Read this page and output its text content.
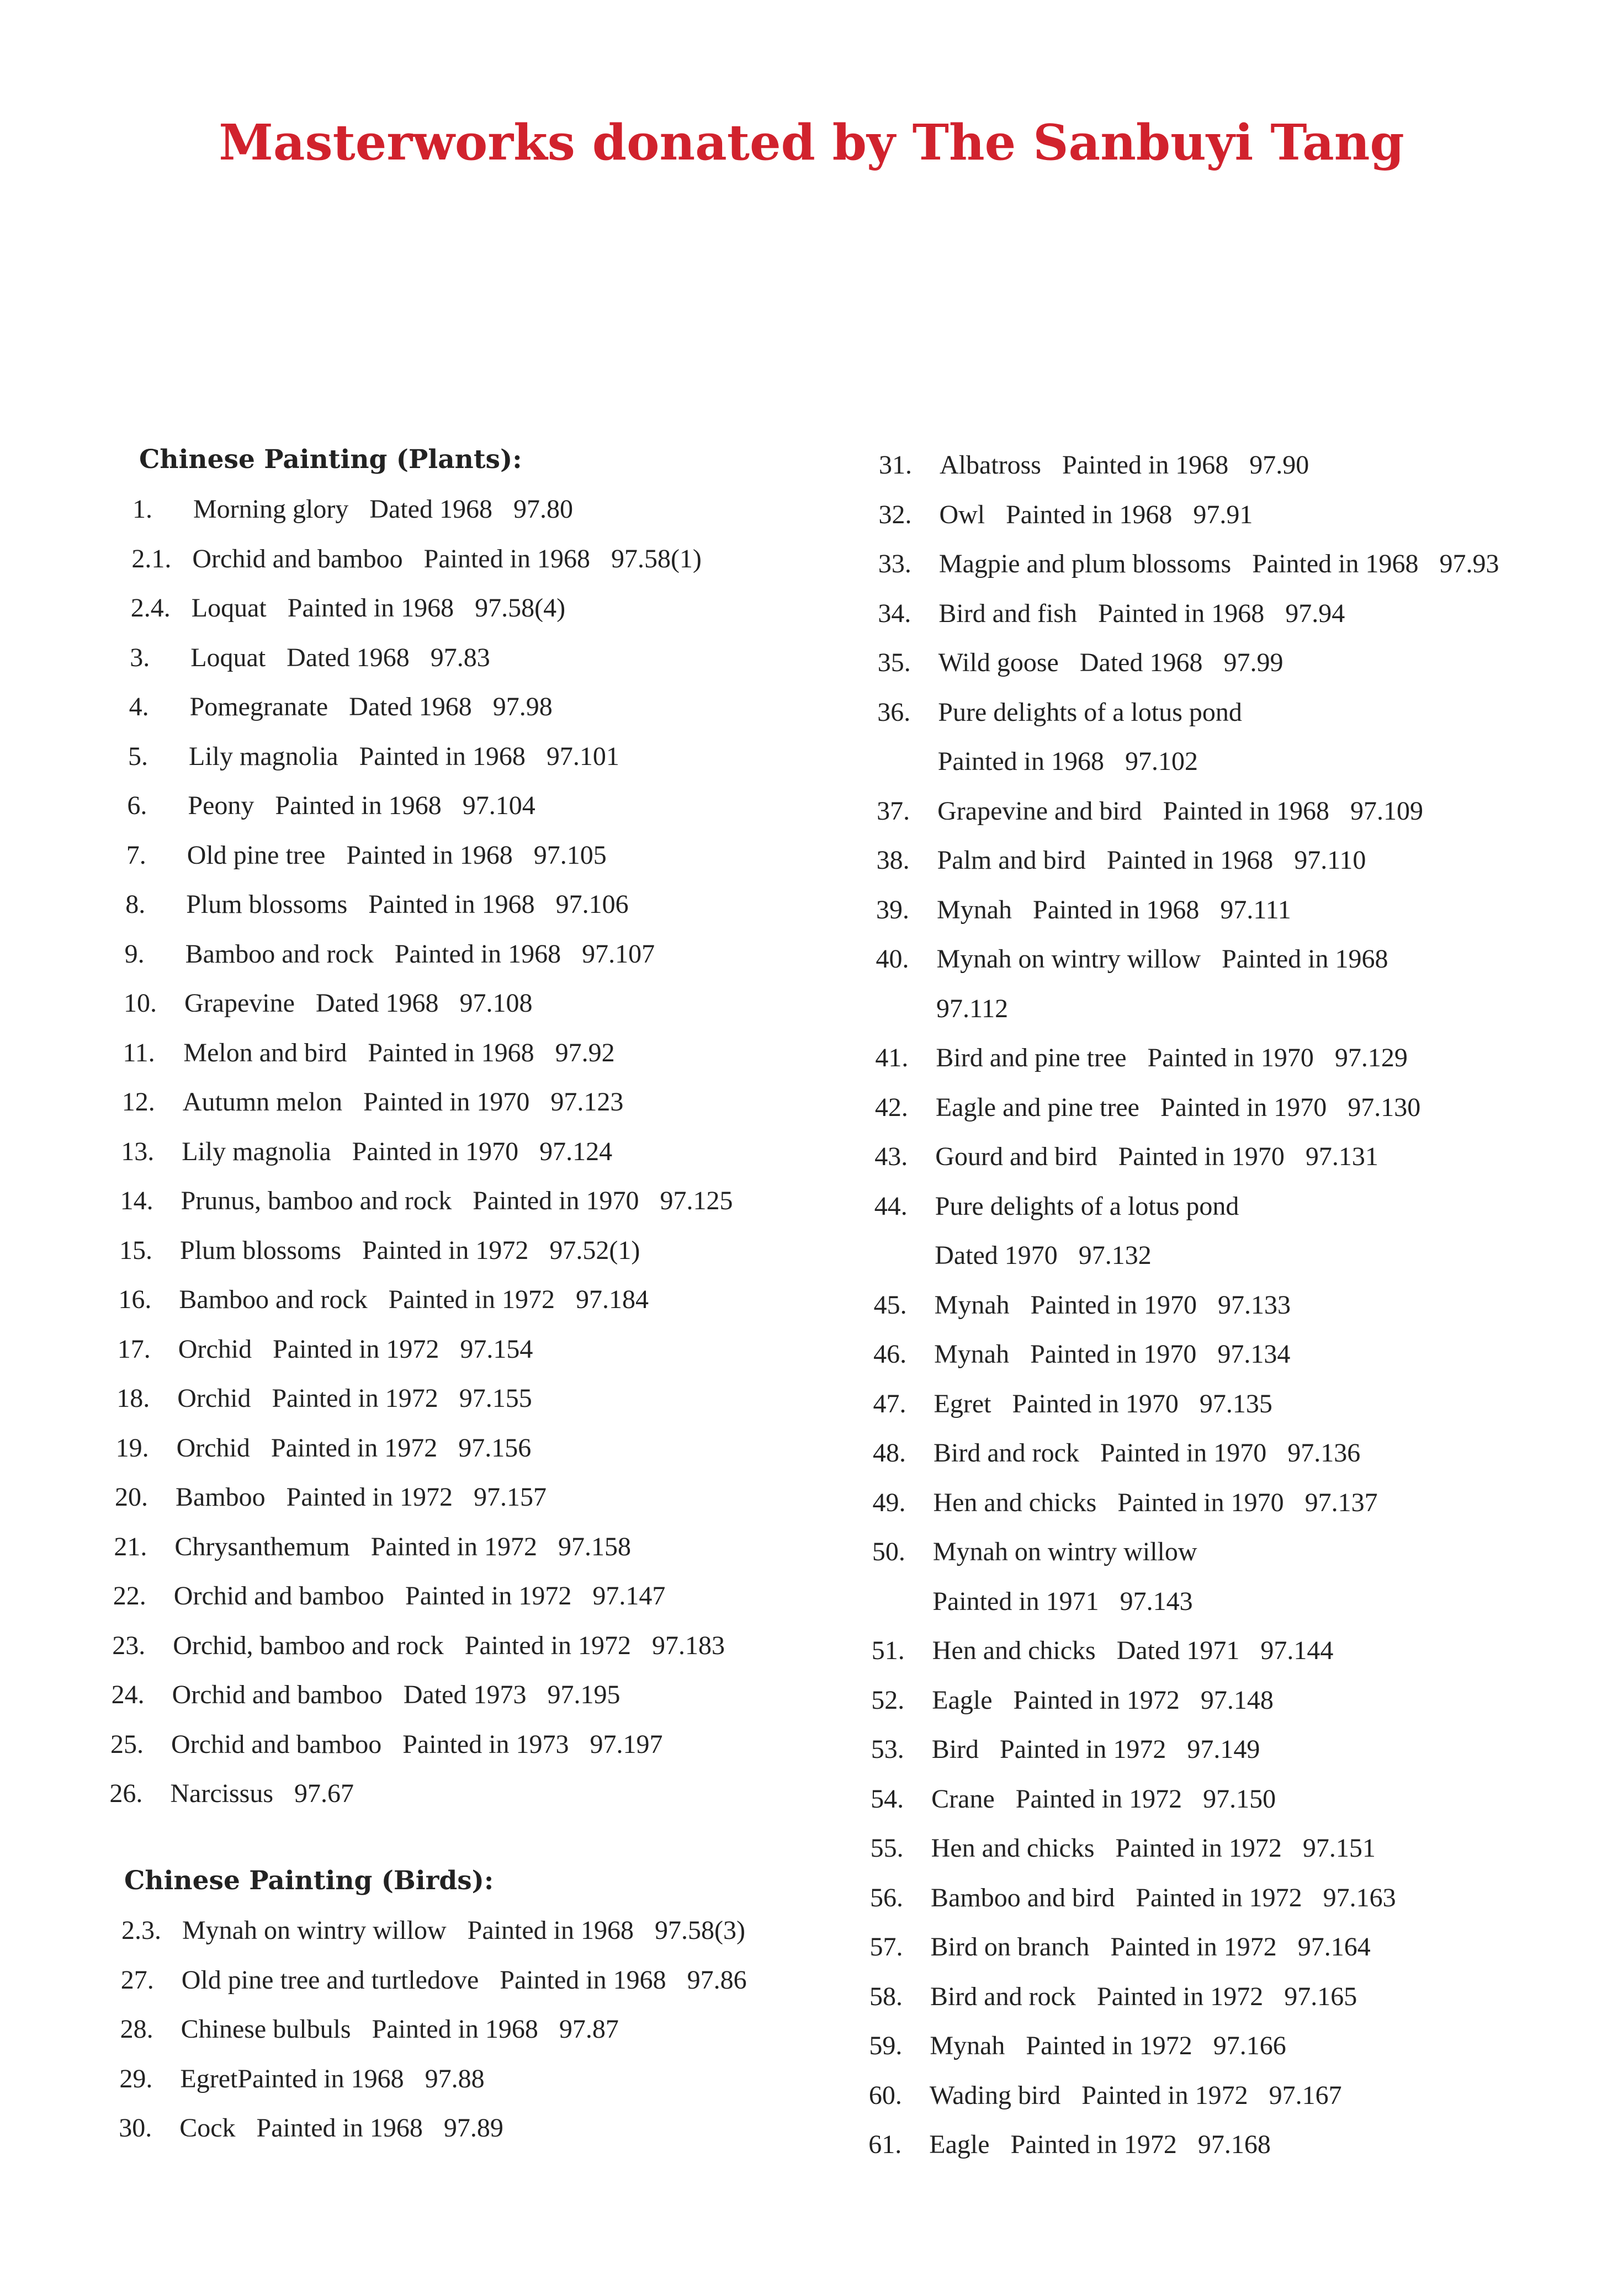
Masterworks donated by The Sanbuyi Tang
Chinese Painting (Plants):
1. Morning glory Dated 1968 97.80
2.1. Orchid and bamboo Painted in 1968 97.58(1)
2.4. Loquat Painted in 1968 97.58(4)
3. Loquat Dated 1968 97.83
4. Pomegranate Dated 1968 97.98
5. Lily magnolia Painted in 1968 97.101
6. Peony Painted in 1968 97.104
7. Old pine tree Painted in 1968 97.105
8. Plum blossoms Painted in 1968 97.106
9. Bamboo and rock Painted in 1968 97.107
10. Grapevine Dated 1968 97.108
11. Melon and bird Painted in 1968 97.92
12. Autumn melon Painted in 1970 97.123
13. Lily magnolia Painted in 1970 97.124
14. Prunus, bamboo and rock Painted in 1970 97.125
15. Plum blossoms Painted in 1972 97.52(1)
16. Bamboo and rock Painted in 1972 97.184
17. Orchid Painted in 1972 97.154
18. Orchid Painted in 1972 97.155
19. Orchid Painted in 1972 97.156
20. Bamboo Painted in 1972 97.157
21. Chrysanthemum Painted in 1972 97.158
22. Orchid and bamboo Painted in 1972 97.147
23. Orchid, bamboo and rock Painted in 1972 97.183
24. Orchid and bamboo Dated 1973 97.195
25. Orchid and bamboo Painted in 1973 97.197
26. Narcissus 97.67
Chinese Painting (Birds):
2.3. Mynah on wintry willow Painted in 1968 97.58(3)
27. Old pine tree and turtledove Painted in 1968 97.86
28. Chinese bulbuls Painted in 1968 97.87
29. EgretPainted in 1968 97.88
30. Cock Painted in 1968 97.89
31. Albatross Painted in 1968 97.90
32. Owl Painted in 1968 97.91
33. Magpie and plum blossoms Painted in 1968 97.93
34. Bird and fish Painted in 1968 97.94
35. Wild goose Dated 1968 97.99
36. Pure delights of a lotus pond
Painted in 1968 97.102
37. Grapevine and bird Painted in 1968 97.109
38. Palm and bird Painted in 1968 97.110
39. Mynah Painted in 1968 97.111
40. Mynah on wintry willow Painted in 1968
97.112
41. Bird and pine tree Painted in 1970 97.129
42. Eagle and pine tree Painted in 1970 97.130
43. Gourd and bird Painted in 1970 97.131
44. Pure delights of a lotus pond
Dated 1970 97.132
45. Mynah Painted in 1970 97.133
46. Mynah Painted in 1970 97.134
47. Egret Painted in 1970 97.135
48. Bird and rock Painted in 1970 97.136
49. Hen and chicks Painted in 1970 97.137
50. Mynah on wintry willow
Painted in 1971 97.143
51. Hen and chicks Dated 1971 97.144
52. Eagle Painted in 1972 97.148
53. Bird Painted in 1972 97.149
54. Crane Painted in 1972 97.150
55. Hen and chicks Painted in 1972 97.151
56. Bamboo and bird Painted in 1972 97.163
57. Bird on branch Painted in 1972 97.164
58. Bird and rock Painted in 1972 97.165
59. Mynah Painted in 1972 97.166
60. Wading bird Painted in 1972 97.167
61. Eagle Painted in 1972 97.168
